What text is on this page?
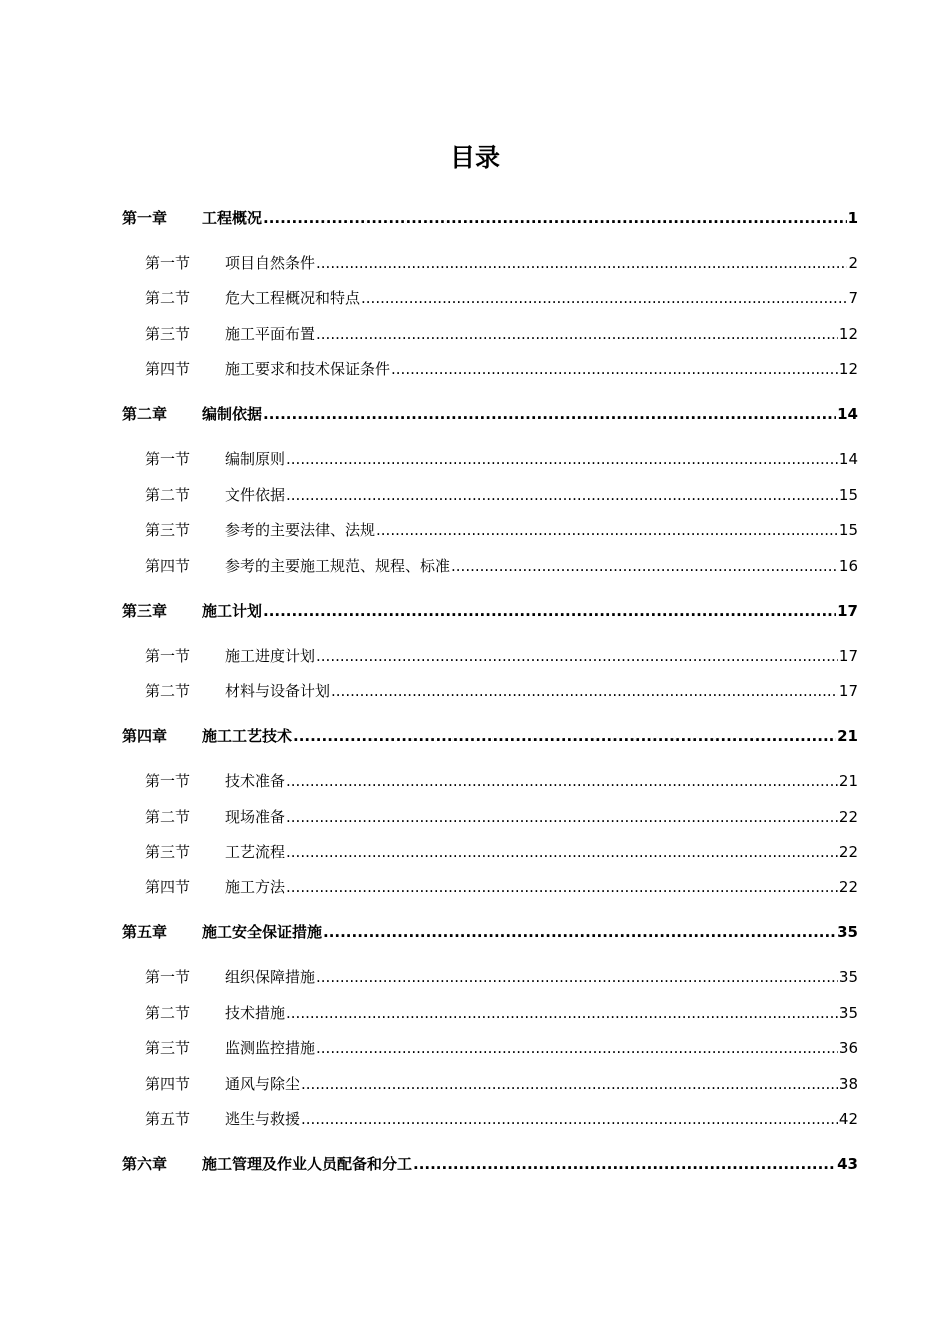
目录
第一章	工程概况 .....	1
第一节	项目自然条件 .....	2
第二节	危大工程概况和特点 .....	7
第三节	施工平面布置 .....	12
第四节	施工要求和技术保证条件 .....	12
第二章	编制依据 .....	14
第一节	编制原则 .....	14
第二节	文件依据 .....	15
第三节	参考的主要法律、法规 .....	15
第四节	参考的主要施工规范、规程、标准 .....	16
第三章	施工计划 .....	17
第一节	施工进度计划 .....	17
第二节	材料与设备计划 .....	17
第四章	施工工艺技术 .....	21
第一节	技术准备 .....	21
第二节	现场准备 .....	22
第三节	工艺流程 .....	22
第四节	施工方法 .....	22
第五章	施工安全保证措施 .....	35
第一节	组织保障措施 .....	35
第二节	技术措施 .....	35
第三节	监测监控措施 .....	36
第四节	通风与除尘 .....	38
第五节	逃生与救援 .....	42
第六章	施工管理及作业人员配备和分工 .....	43
